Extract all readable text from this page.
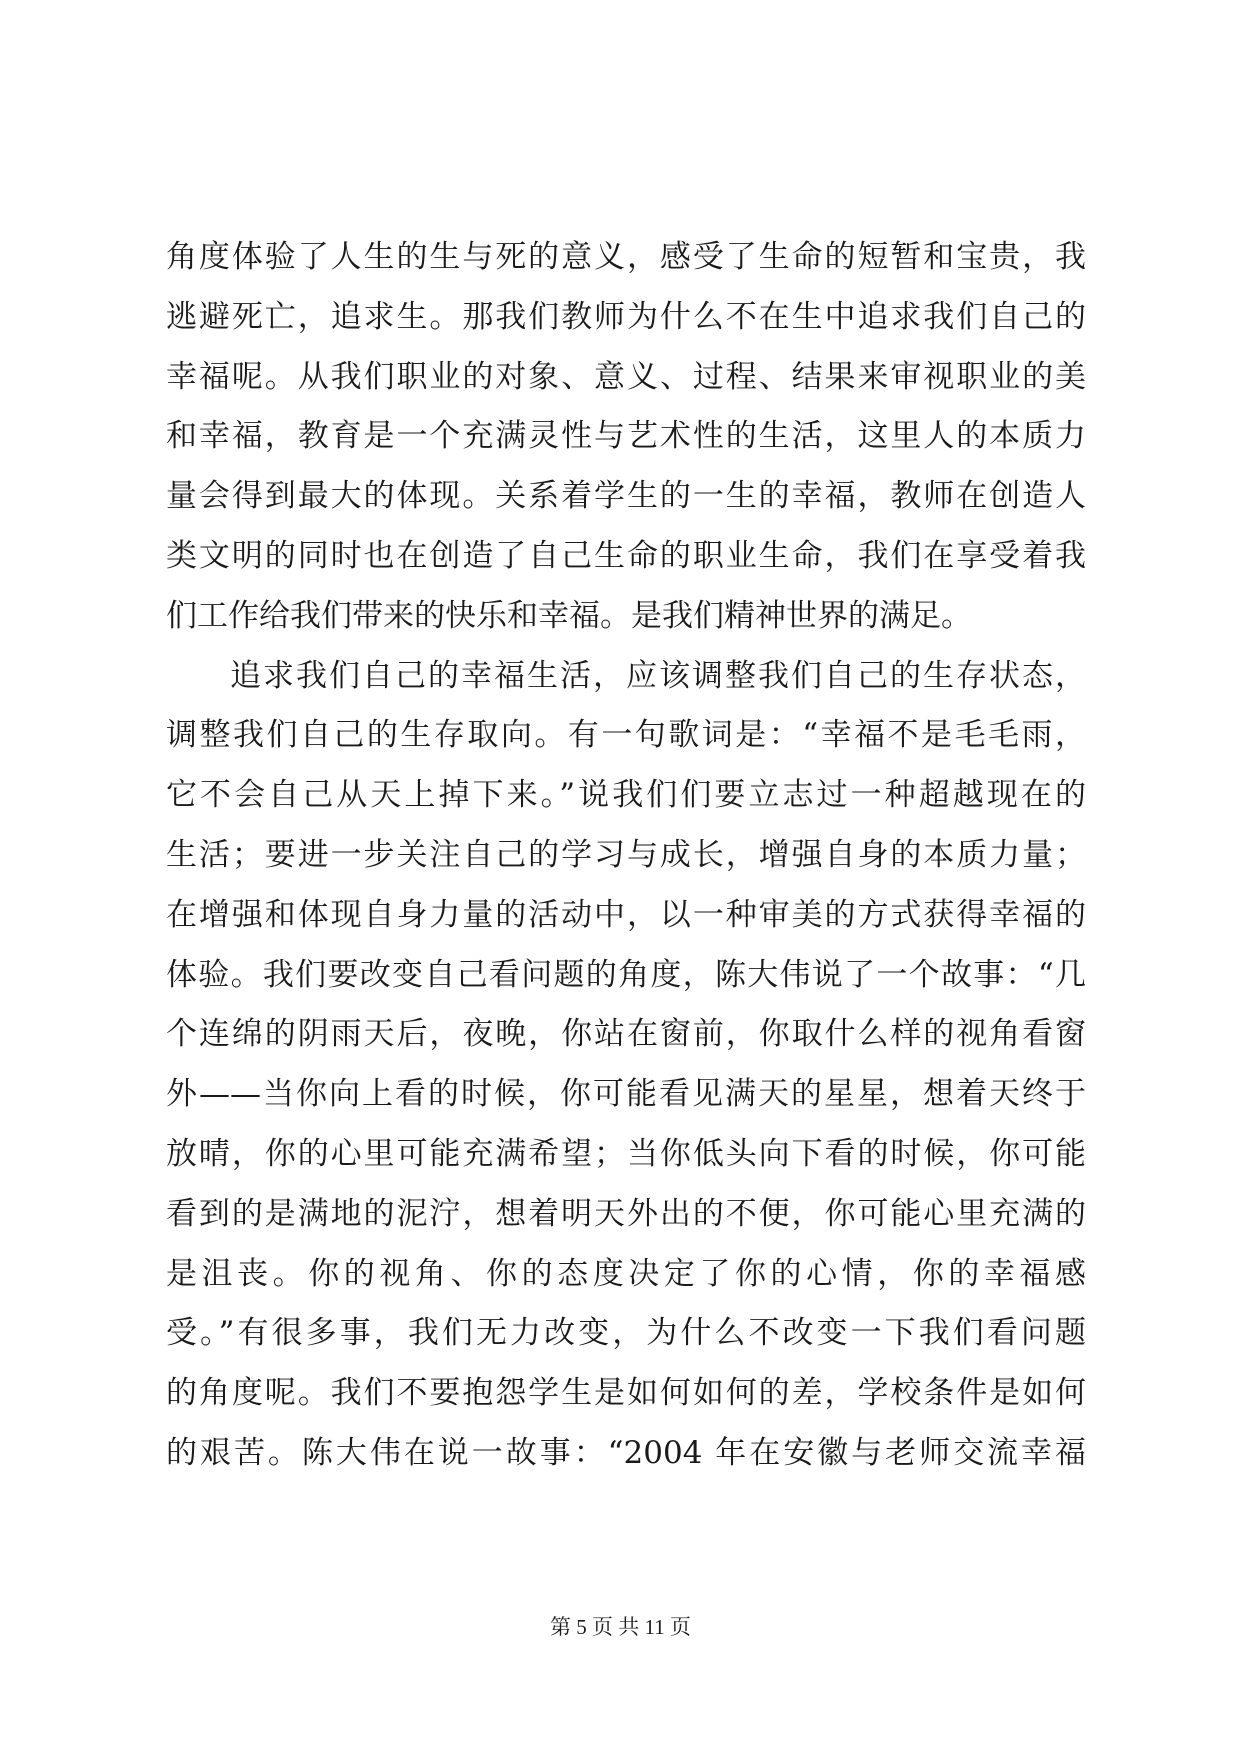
角度体验了人生的生与死的意义，感受了生命的短暂和宝贵，我
逃避死亡，追求生。那我们教师为什么不在生中追求我们自己的
幸福呢。从我们职业的对象、意义、过程、结果来审视职业的美
和幸福，教育是一个充满灵性与艺术性的生活，这里人的本质力
量会得到最大的体现。关系着学生的一生的幸福，教师在创造人
类文明的同时也在创造了自己生命的职业生命，我们在享受着我
们工作给我们带来的快乐和幸福。是我们精神世界的满足。
追求我们自己的幸福生活，应该调整我们自己的生存状态，
调整我们自己的生存取向。有一句歌词是：“幸福不是毛毛雨，
它不会自己从天上掉下来。”说我们们要立志过一种超越现在的
生活；要进一步关注自己的学习与成长，增强自身的本质力量；
在增强和体现自身力量的活动中，以一种审美的方式获得幸福的
体验。我们要改变自己看问题的角度，陈大伟说了一个故事：“几
个连绵的阴雨天后，夜晚，你站在窗前，你取什么样的视角看窗
外——当你向上看的时候，你可能看见满天的星星，想着天终于
放晴，你的心里可能充满希望；当你低头向下看的时候，你可能
看到的是满地的泥泞，想着明天外出的不便，你可能心里充满的
是沮丧。你的视角、你的态度决定了你的心情，你的幸福感
受。”有很多事，我们无力改变，为什么不改变一下我们看问题
的角度呢。我们不要抱怨学生是如何如何的差，学校条件是如何
的艰苦。陈大伟在说一故事：“2004 年在安徽与老师交流幸福
第 5 页 共 11 页
